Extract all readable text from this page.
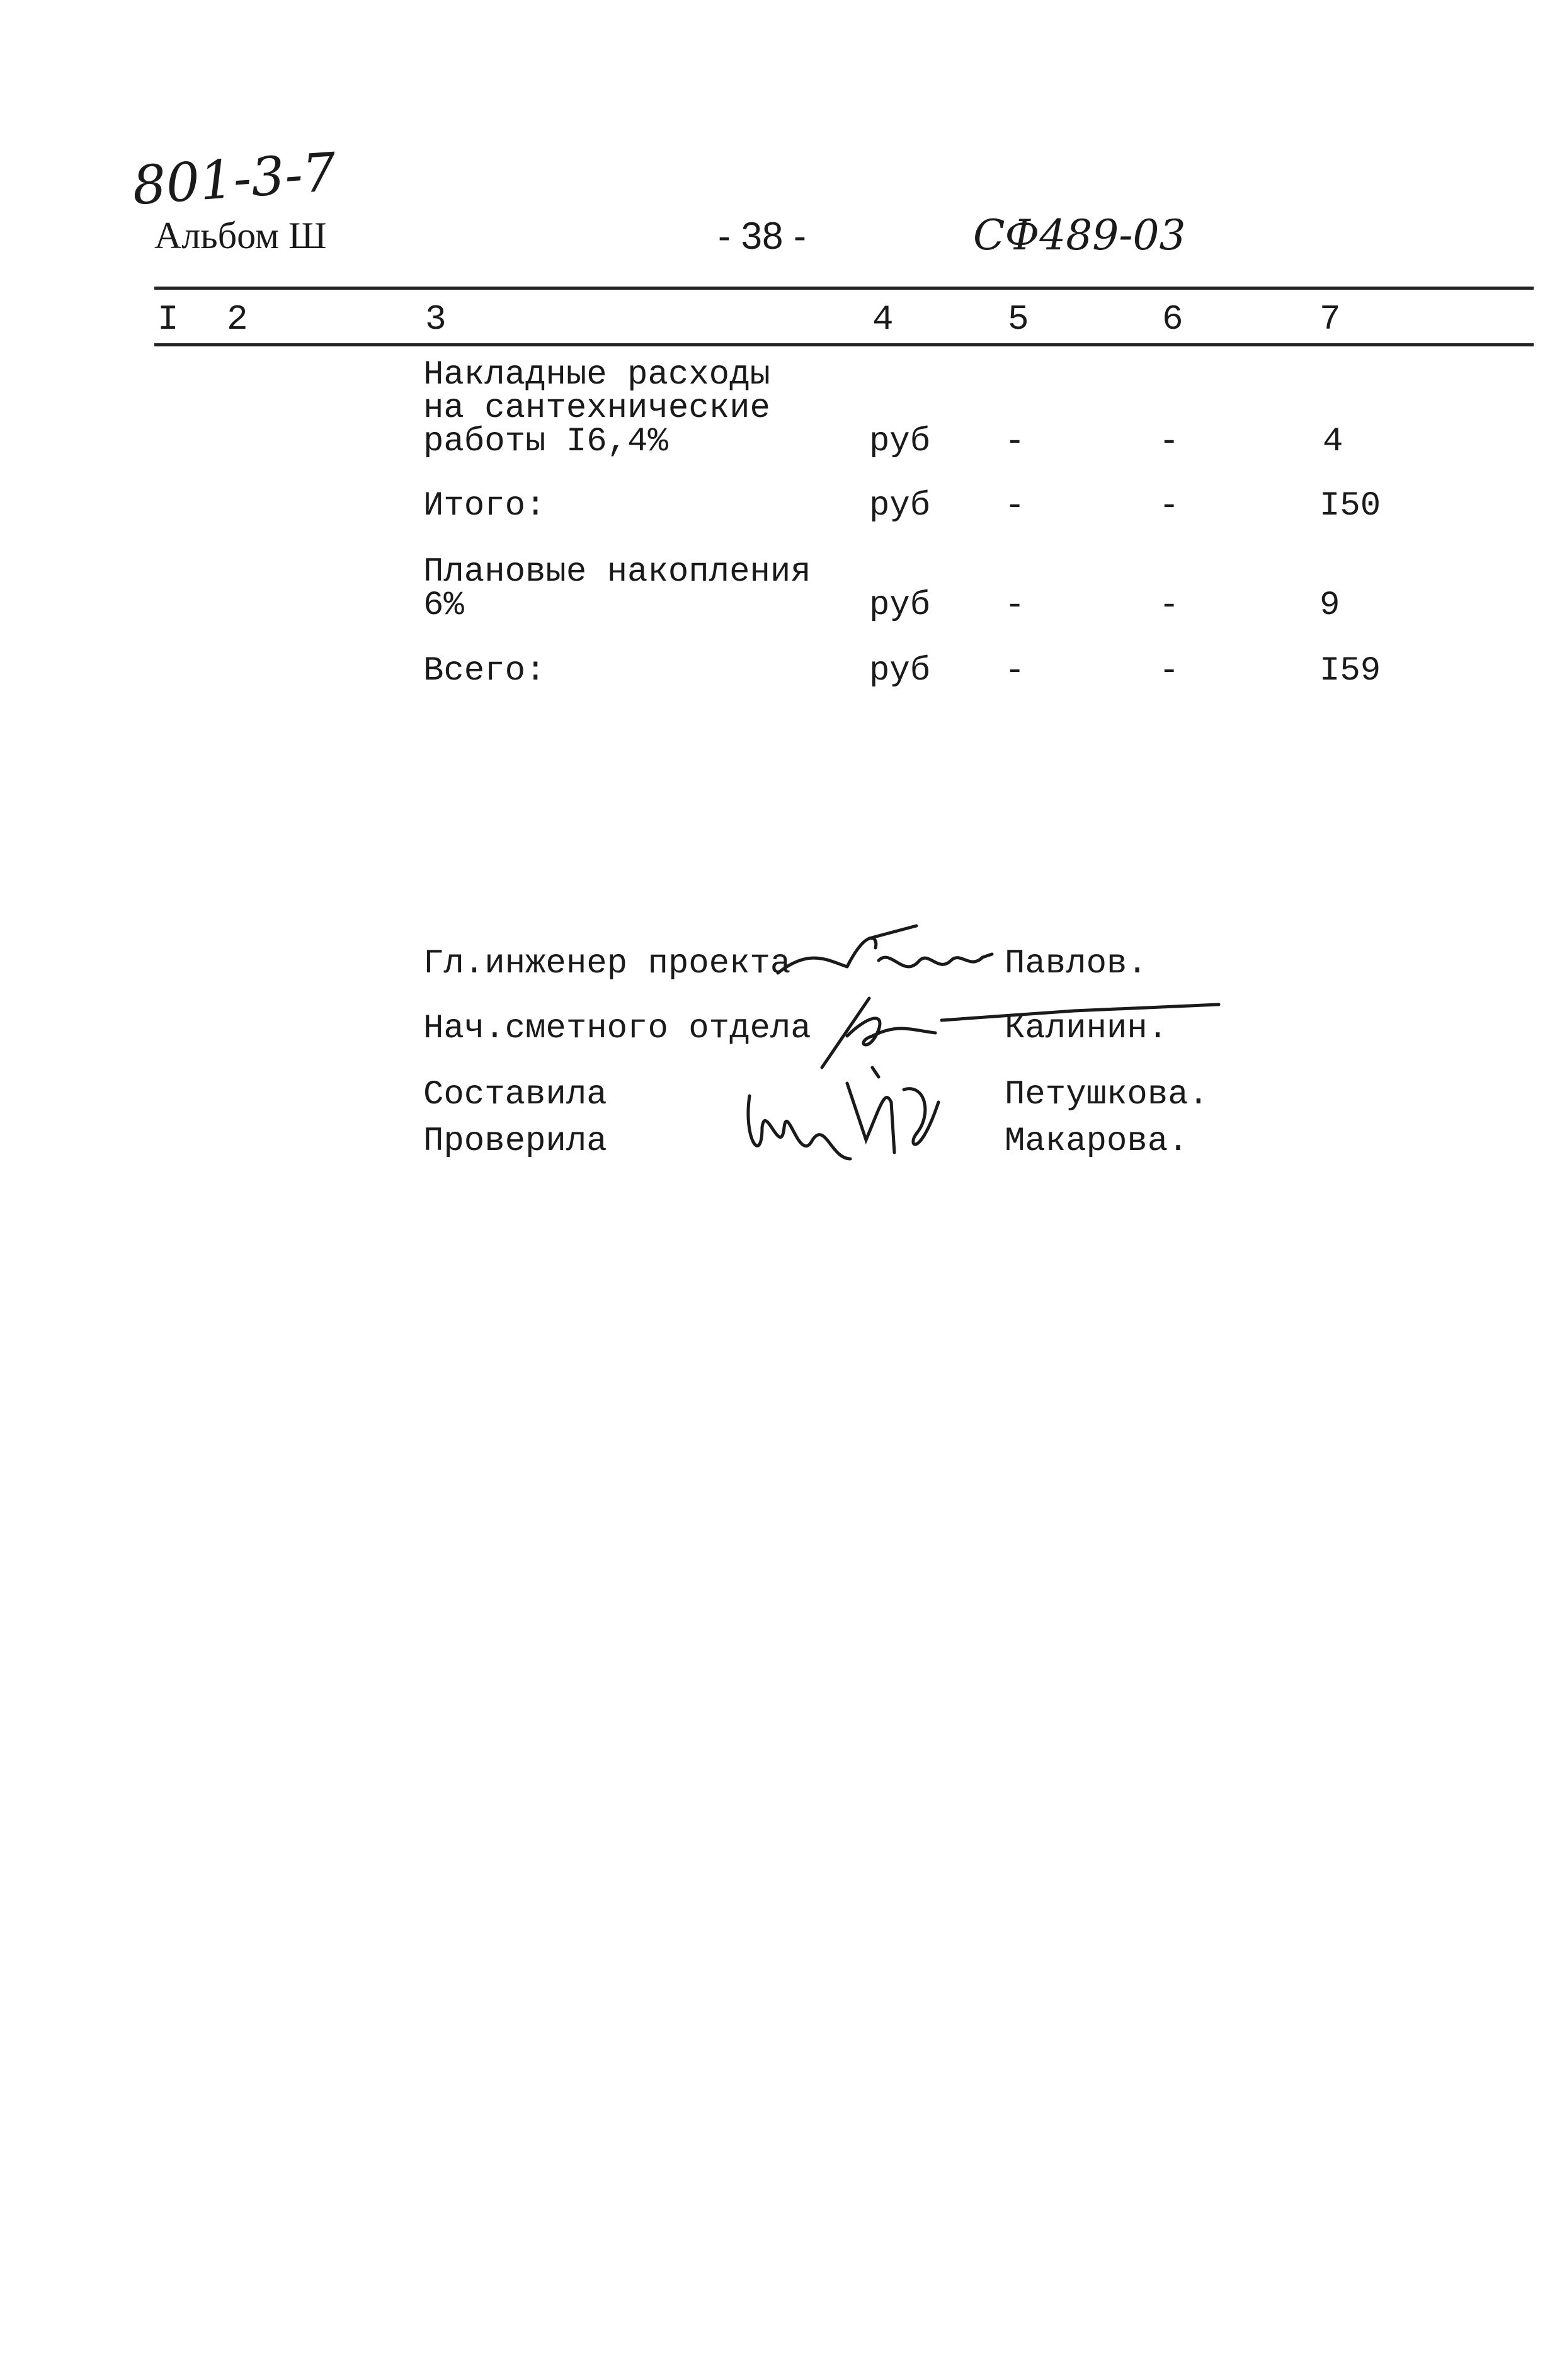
801-3-7
Альбом Ш	- 38 -	СФ489-03
I 2	3	4	5	6	7
Накладные расходы
на сантехнические
работы I6,4%	руб -	-	4
Итого:	руб -	-	I50
Плановые накопления
6%	руб -	-	9
Всего:	руб -	-	I59
Гл.инженер проекта	Павлов.
Нач.сметного отдела	Калинин.
Составила	Петушкова.
Проверила	Макарова.
